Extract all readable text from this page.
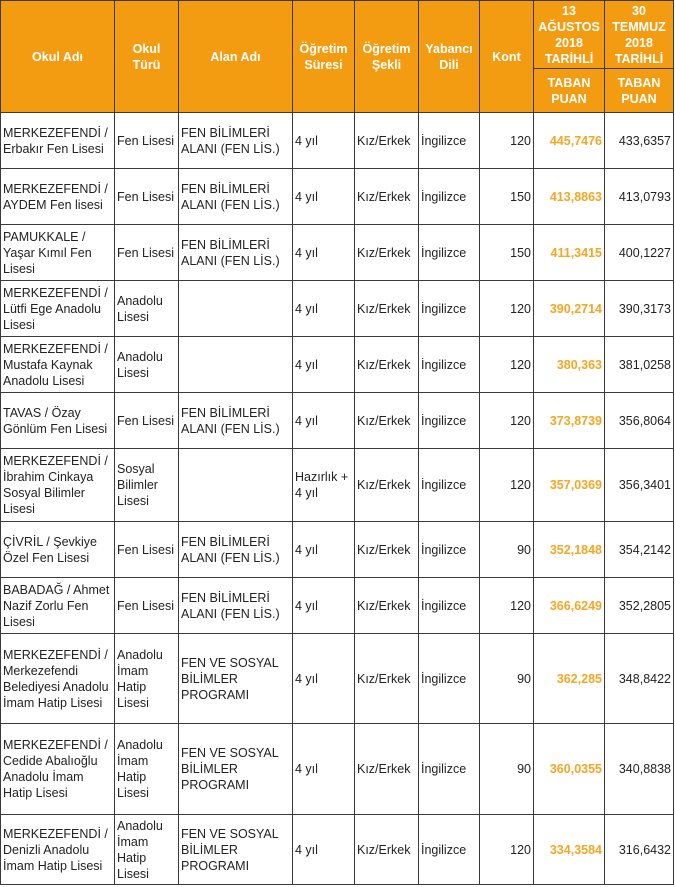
Okul Adı	Okul Türü	Alan Adı	Öğretim Süresi	Öğretim Şekli	Yabancı Dili	Kont	13 AĞUSTOS 2018 TARİHLİ	30 TEMMUZ 2018 TARİHLİ
							TABAN PUAN	TABAN PUAN
MERKEZEFENDİ / Erbakır Fen Lisesi	Fen Lisesi	FEN BİLİMLERİ ALANI (FEN LİS.)	4 yıl	Kız/Erkek	İngilizce	120	445,7476	433,6357
MERKEZEFENDİ / AYDEM Fen lisesi	Fen Lisesi	FEN BİLİMLERİ ALANI (FEN LİS.)	4 yıl	Kız/Erkek	İngilizce	150	413,8863	413,0793
PAMUKKALE / Yaşar Kımıl Fen Lisesi	Fen Lisesi	FEN BİLİMLERİ ALANI (FEN LİS.)	4 yıl	Kız/Erkek	İngilizce	150	411,3415	400,1227
MERKEZEFENDİ / Lütfi Ege Anadolu Lisesi	Anadolu Lisesi		4 yıl	Kız/Erkek	İngilizce	120	390,2714	390,3173
MERKEZEFENDİ / Mustafa Kaynak Anadolu Lisesi	Anadolu Lisesi		4 yıl	Kız/Erkek	İngilizce	120	380,363	381,0258
TAVAS / Özay Gönlüm Fen Lisesi	Fen Lisesi	FEN BİLİMLERİ ALANI (FEN LİS.)	4 yıl	Kız/Erkek	İngilizce	120	373,8739	356,8064
MERKEZEFENDİ / İbrahim Cinkaya Sosyal Bilimler Lisesi	Sosyal Bilimler Lisesi		Hazırlık + 4 yıl	Kız/Erkek	İngilizce	120	357,0369	356,3401
ÇİVRİL / Şevkiye Özel Fen Lisesi	Fen Lisesi	FEN BİLİMLERİ ALANI (FEN LİS.)	4 yıl	Kız/Erkek	İngilizce	90	352,1848	354,2142
BABADAĞ / Ahmet Nazif Zorlu Fen Lisesi	Fen Lisesi	FEN BİLİMLERİ ALANI (FEN LİS.)	4 yıl	Kız/Erkek	İngilizce	120	366,6249	352,2805
MERKEZEFENDİ / Merkezefendi Belediyesi Anadolu İmam Hatip Lisesi	Anadolu İmam Hatip Lisesi	FEN VE SOSYAL BİLİMLER PROGRAMI	4 yıl	Kız/Erkek	İngilizce	90	362,285	348,8422
MERKEZEFENDİ / Cedide Abalıoğlu Anadolu İmam Hatip Lisesi	Anadolu İmam Hatip Lisesi	FEN VE SOSYAL BİLİMLER PROGRAMI	4 yıl	Kız/Erkek	İngilizce	90	360,0355	340,8838
MERKEZEFENDİ / Denizli Anadolu İmam Hatip Lisesi	Anadolu İmam Hatip Lisesi	FEN VE SOSYAL BİLİMLER PROGRAMI	4 yıl	Kız/Erkek	İngilizce	120	334,3584	316,6432
